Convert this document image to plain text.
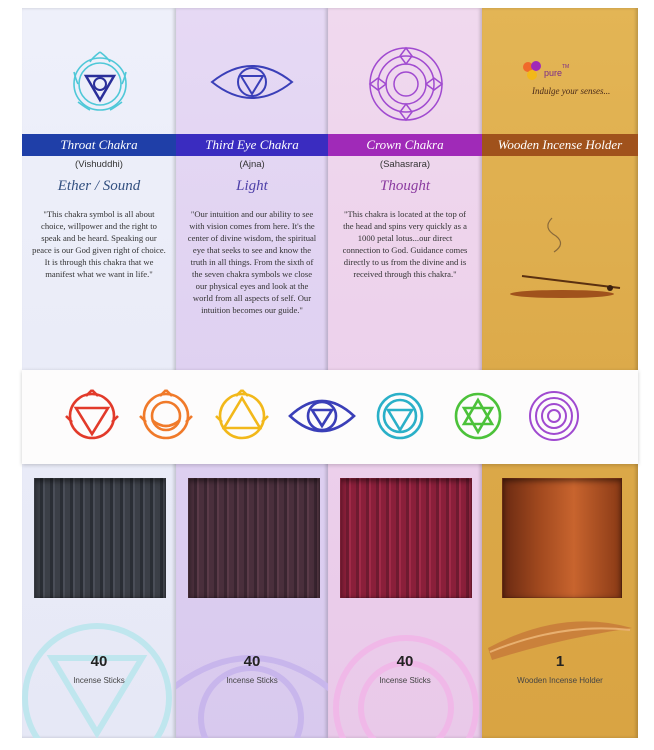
Throat Chakra
(Vishuddhi)
Ether / Sound
"This chakra symbol is all about choice, willpower and the right to speak and be heard. Speaking our peace is our God given right of choice. It is through this chakra that we manifest what we want in life."
40
Incense Sticks
Third Eye Chakra
(Ajna)
Light
"Our intuition and our ability to see with vision comes from here. It's the center of divine wisdom, the spiritual eye that seeks to see and know the truth in all things. From the sixth of the seven chakra symbols we close our physical eyes and look at the world from all aspects of self. Our intuition becomes our guide."
40
Incense Sticks
Crown Chakra
(Sahasrara)
Thought
"This chakra is located at the top of the head and spins very quickly as a 1000 petal lotus...our direct connection to God. Guidance comes directly to us from the divine and is received through this chakra."
40
Incense Sticks
pure
TM
Indulge your senses...
Wooden Incense Holder
1
Wooden Incense Holder
